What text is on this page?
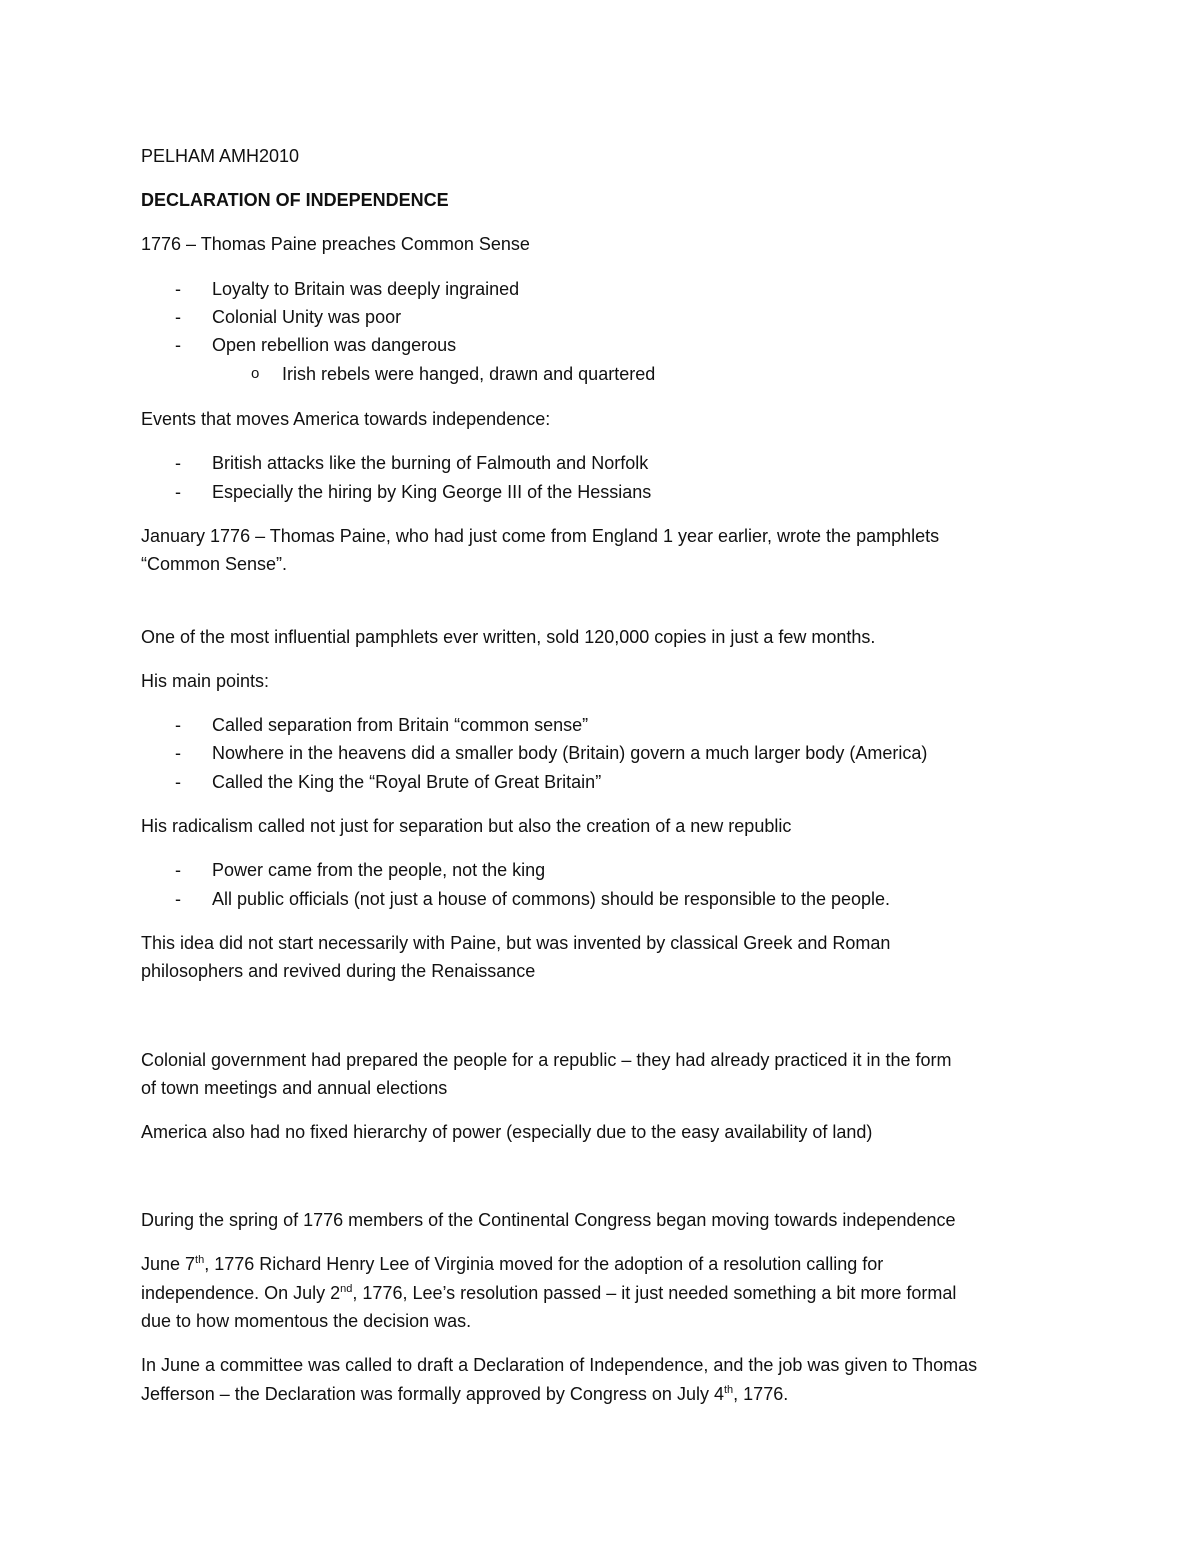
PELHAM AMH2010
DECLARATION OF INDEPENDENCE
1776 – Thomas Paine preaches Common Sense
- Loyalty to Britain was deeply ingrained
- Colonial Unity was poor
- Open rebellion was dangerous
o Irish rebels were hanged, drawn and quartered
Events that moves America towards independence:
- British attacks like the burning of Falmouth and Norfolk
- Especially the hiring by King George III of the Hessians
January 1776 – Thomas Paine, who had just come from England 1 year earlier, wrote the pamphlets
“Common Sense”.
One of the most influential pamphlets ever written, sold 120,000 copies in just a few months.
His main points:
- Called separation from Britain “common sense”
- Nowhere in the heavens did a smaller body (Britain) govern a much larger body (America)
- Called the King the “Royal Brute of Great Britain”
His radicalism called not just for separation but also the creation of a new republic
- Power came from the people, not the king
- All public officials (not just a house of commons) should be responsible to the people.
This idea did not start necessarily with Paine, but was invented by classical Greek and Roman
philosophers and revived during the Renaissance
Colonial government had prepared the people for a republic – they had already practiced it in the form
of town meetings and annual elections
America also had no fixed hierarchy of power (especially due to the easy availability of land)
During the spring of 1776 members of the Continental Congress began moving towards independence
June 7th, 1776 Richard Henry Lee of Virginia moved for the adoption of a resolution calling for
independence. On July 2nd, 1776, Lee’s resolution passed – it just needed something a bit more formal
due to how momentous the decision was.
In June a committee was called to draft a Declaration of Independence, and the job was given to Thomas
Jefferson – the Declaration was formally approved by Congress on July 4th, 1776.
